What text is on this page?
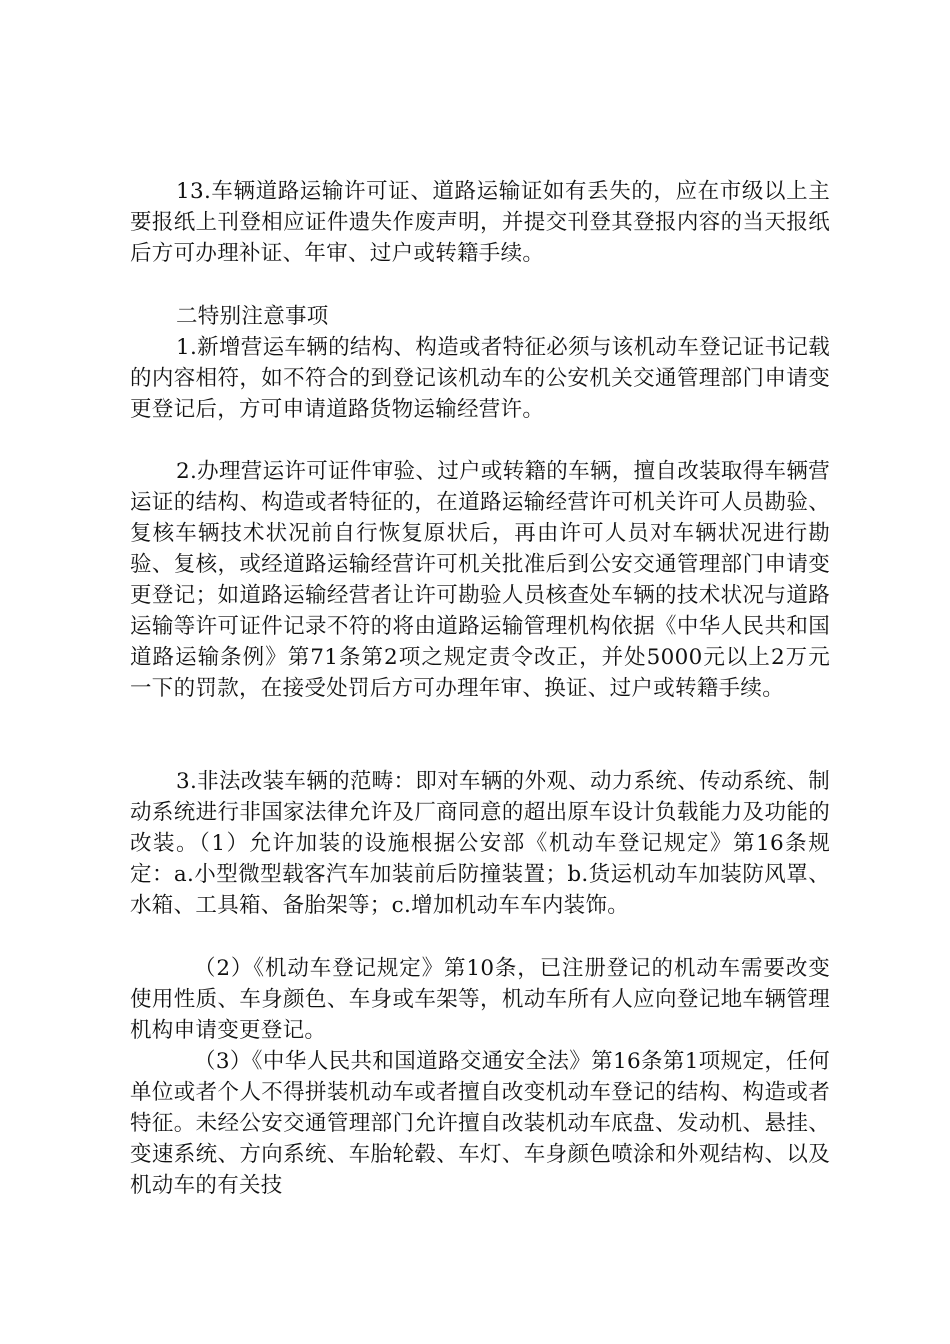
13.车辆道路运输许可证、道路运输证如有丢失的，应在市级以上主要报纸上刊登相应证件遗失作废声明，并提交刊登其登报内容的当天报纸后方可办理补证、年审、过户或转籍手续。

二特别注意事项

1.新增营运车辆的结构、构造或者特征必须与该机动车登记证书记载的内容相符，如不符合的到登记该机动车的公安机关交通管理部门申请变更登记后，方可申请道路货物运输经营许。

2.办理营运许可证件审验、过户或转籍的车辆，擅自改装取得车辆营运证的结构、构造或者特征的，在道路运输经营许可机关许可人员勘验、复核车辆技术状况前自行恢复原状后，再由许可人员对车辆状况进行勘验、复核，或经道路运输经营许可机关批准后到公安交通管理部门申请变更登记；如道路运输经营者让许可勘验人员核查处车辆的技术状况与道路运输等许可证件记录不符的将由道路运输管理机构依据《中华人民共和国道路运输条例》第71条第2项之规定责令改正，并处5000元以上2万元一下的罚款，在接受处罚后方可办理年审、换证、过户或转籍手续。

3.非法改装车辆的范畴：即对车辆的外观、动力系统、传动系统、制动系统进行非国家法律允许及厂商同意的超出原车设计负载能力及功能的改装。（1）允许加装的设施根据公安部《机动车登记规定》第16条规定：a.小型微型载客汽车加装前后防撞装置；b.货运机动车加装防风罩、水箱、工具箱、备胎架等；c.增加机动车车内装饰。

（2）《机动车登记规定》第10条，已注册登记的机动车需要改变使用性质、车身颜色、车身或车架等，机动车所有人应向登记地车辆管理机构申请变更登记。

（3）《中华人民共和国道路交通安全法》第16条第1项规定，任何单位或者个人不得拼装机动车或者擅自改变机动车登记的结构、构造或者特征。未经公安交通管理部门允许擅自改装机动车底盘、发动机、悬挂、变速系统、方向系统、车胎轮毂、车灯、车身颜色喷涂和外观结构、以及机动车的有关技
